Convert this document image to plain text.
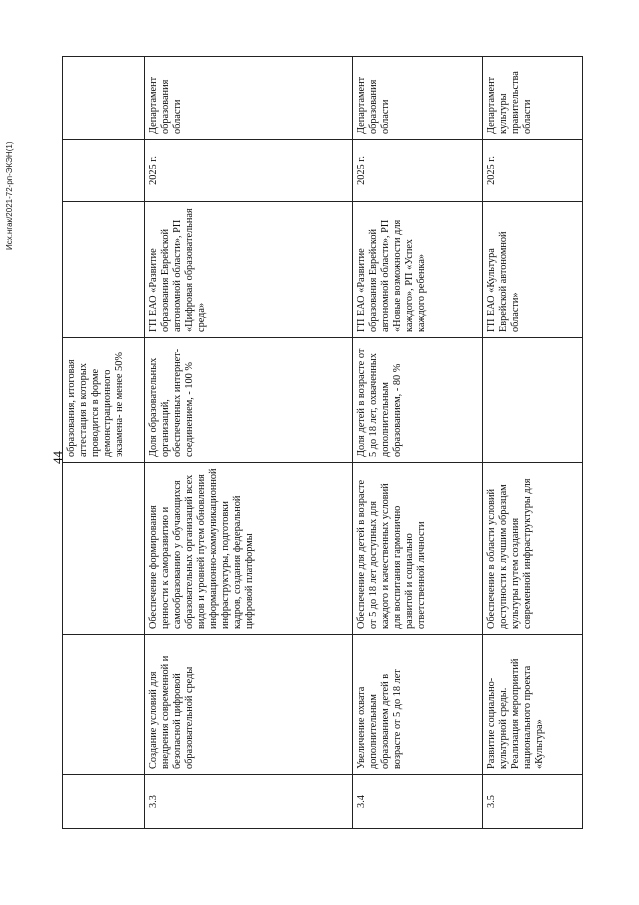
44
			образования, итоговая аттестация в которых проводится в форме демонстрационного экзамена- не менее 50%			
3.3	Создание условий для внедрения современной и безопасной цифровой образовательной среды	Обеспечение формирования ценности к саморазвитию и самообразованию у обучающихся образовательных организаций всех видов и уровней путем обновления информационно-коммуникационной инфраструктуры, подготовки кадров, создания федеральной цифровой платформы	Доля образовательных организаций, обеспеченных интернет-соединением, - 100 %	ГП ЕАО «Развитие образования Еврейской автономной области», РП «Цифровая образовательная среда»	2025 г.	Департамент образования области
3.4	Увеличение охвата дополнительным образованием детей в возрасте от 5 до 18 лет	Обеспечение для детей в возрасте от 5 до 18 лет доступных для каждого и качественных условий для воспитания гармонично развитой и социально ответственной личности	Доля детей в возрасте от 5 до 18 лет, охваченных дополнительным образованием, - 80 %	ГП ЕАО «Развитие образования Еврейской автономной области», РП «Новые возможности для каждого», РП «Успех каждого ребенка»	2025 г.	Департамент образования области
3.5	Развитие социально-культурной среды. Реализация мероприятий национального проекта «Культура»	Обеспечение в области условий доступности к лучшим образцам культуры путем создания современной инфраструктуры для		ГП ЕАО «Культура Еврейской автономной области»	2025 г.	Департамент культуры правительства области
Исх.нгак/2021-72-рп-ЭКЭН(1)
